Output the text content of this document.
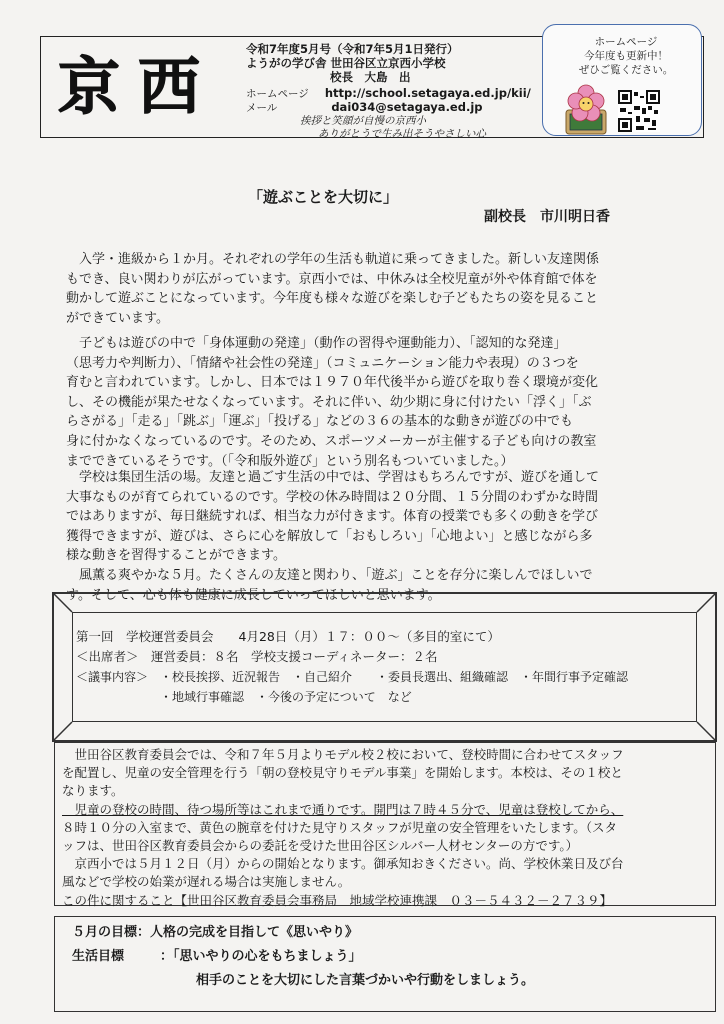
京西
令和7年度5月号（令和7年5月1日発行）
ようがの学び舎 世田谷区立京西小学校
校長　大島　出
ホームページ http://school.setagaya.ed.jp/kii/
メール	dai034@setagaya.ed.jp
挨拶と笑顔が自慢の京西小
ありがとうで生み出そうやさしい心
ホームページ
今年度も更新中！
ぜひご覧ください。
「遊ぶことを大切に」
副校長　市川明日香
　入学・進級から１か月。それぞれの学年の生活も軌道に乗ってきました。新しい友達関係
もでき、良い関わりが広がっています。京西小では、中休みは全校児童が外や体育館で体を
動かして遊ぶことになっています。今年度も様々な遊びを楽しむ子どもたちの姿を見ること
ができています。
　子どもは遊びの中で「身体運動の発達」（動作の習得や運動能力）、「認知的な発達」
（思考力や判断力）、「情緒や社会性の発達」（コミュニケーション能力や表現）の３つを
育むと言われています。しかし、日本では１９７０年代後半から遊びを取り巻く環境が変化
し、その機能が果たせなくなっています。それに伴い、幼少期に身に付けたい「浮く」「ぶ
らさがる」「走る」「跳ぶ」「運ぶ」「投げる」などの３６の基本的な動きが遊びの中でも
身に付かなくなっているのです。そのため、スポーツメーカーが主催する子ども向けの教室
までできているそうです。（「令和版外遊び」という別名もついていました。）
　学校は集団生活の場。友達と過ごす生活の中では、学習はもちろんですが、遊びを通して
大事なものが育てられているのです。学校の休み時間は２０分間、１５分間のわずかな時間
ではありますが、毎日継続すれば、相当な力が付きます。体育の授業でも多くの動きを学び
獲得できますが、遊びは、さらに心を解放して「おもしろい」「心地よい」と感じながら多
様な動きを習得することができます。
　風薫る爽やかな５月。たくさんの友達と関わり、「遊ぶ」ことを存分に楽しんでほしいで
す。そして、心も体も健康に成長していってほしいと思います。
第一回　学校運営委員会　　4月28日（月）１７：００～（多目的室にて）
＜出席者＞　運営委員：８名　学校支援コーディネーター：２名
＜議事内容＞　・校長挨拶、近況報告　・自己紹介　　・委員長選出、組織確認　・年間行事予定確認
　　　　　　　・地域行事確認　・今後の予定について　など
　世田谷区教育委員会では、令和７年５月よりモデル校２校において、登校時間に合わせてスタッフ
を配置し、児童の安全管理を行う「朝の登校見守りモデル事業」を開始します。本校は、その１校と
なります。
　児童の登校の時間、待つ場所等はこれまで通りです。開門は７時４５分で、児童は登校してから、
８時１０分の入室まで、黄色の腕章を付けた見守りスタッフが児童の安全管理をいたします。（スタ
ッフは、世田谷区教育委員会からの委託を受けた世田谷区シルバー人材センターの方です。）
　京西小では５月１２日（月）からの開始となります。御承知おきください。尚、学校休業日及び台
風などで学校の始業が遅れる場合は実施しません。
この件に関すること【世田谷区教育委員会事務局　地域学校連携課　０３－５４３２－２７３９】
５月の目標：人格の完成を目指して《思いやり》
生活目標	：「思いやりの心をもちましょう」
相手のことを大切にした言葉づかいや行動をしましょう。
